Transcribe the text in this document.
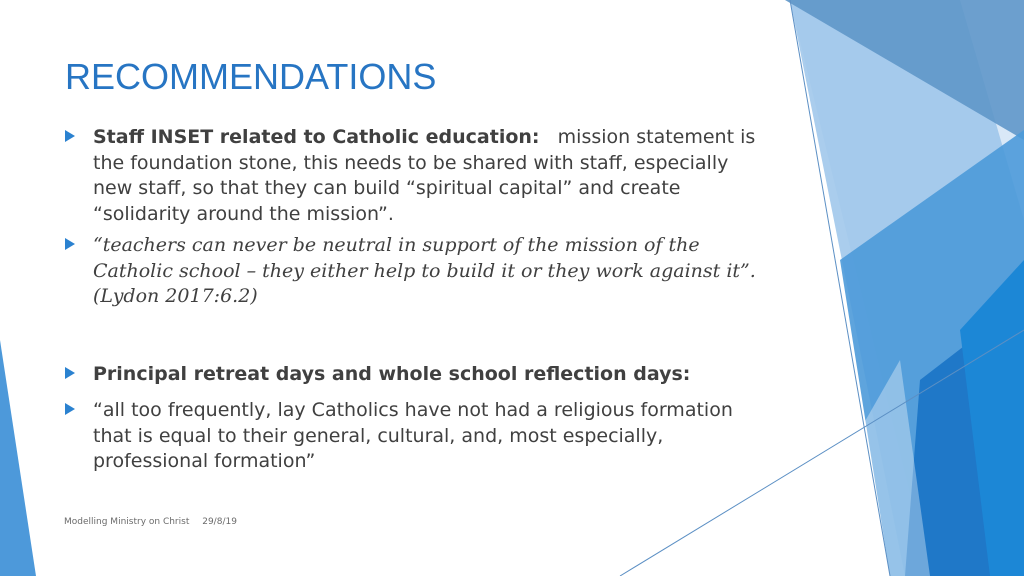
RECOMMENDATIONS
Staff INSET related to Catholic education: mission statement is the foundation stone, this needs to be shared with staff, especially new staff, so that they can build “spiritual capital” and create “solidarity around the mission”.
“teachers can never be neutral in support of the mission of the Catholic school – they either help to build it or they work against it”. (Lydon 2017:6.2)
Principal retreat days and whole school reflection days:
“all too frequently, lay Catholics have not had a religious formation that is equal to their general, cultural, and, most especially, professional formation”
Modelling Ministry on Christ 29/8/19
